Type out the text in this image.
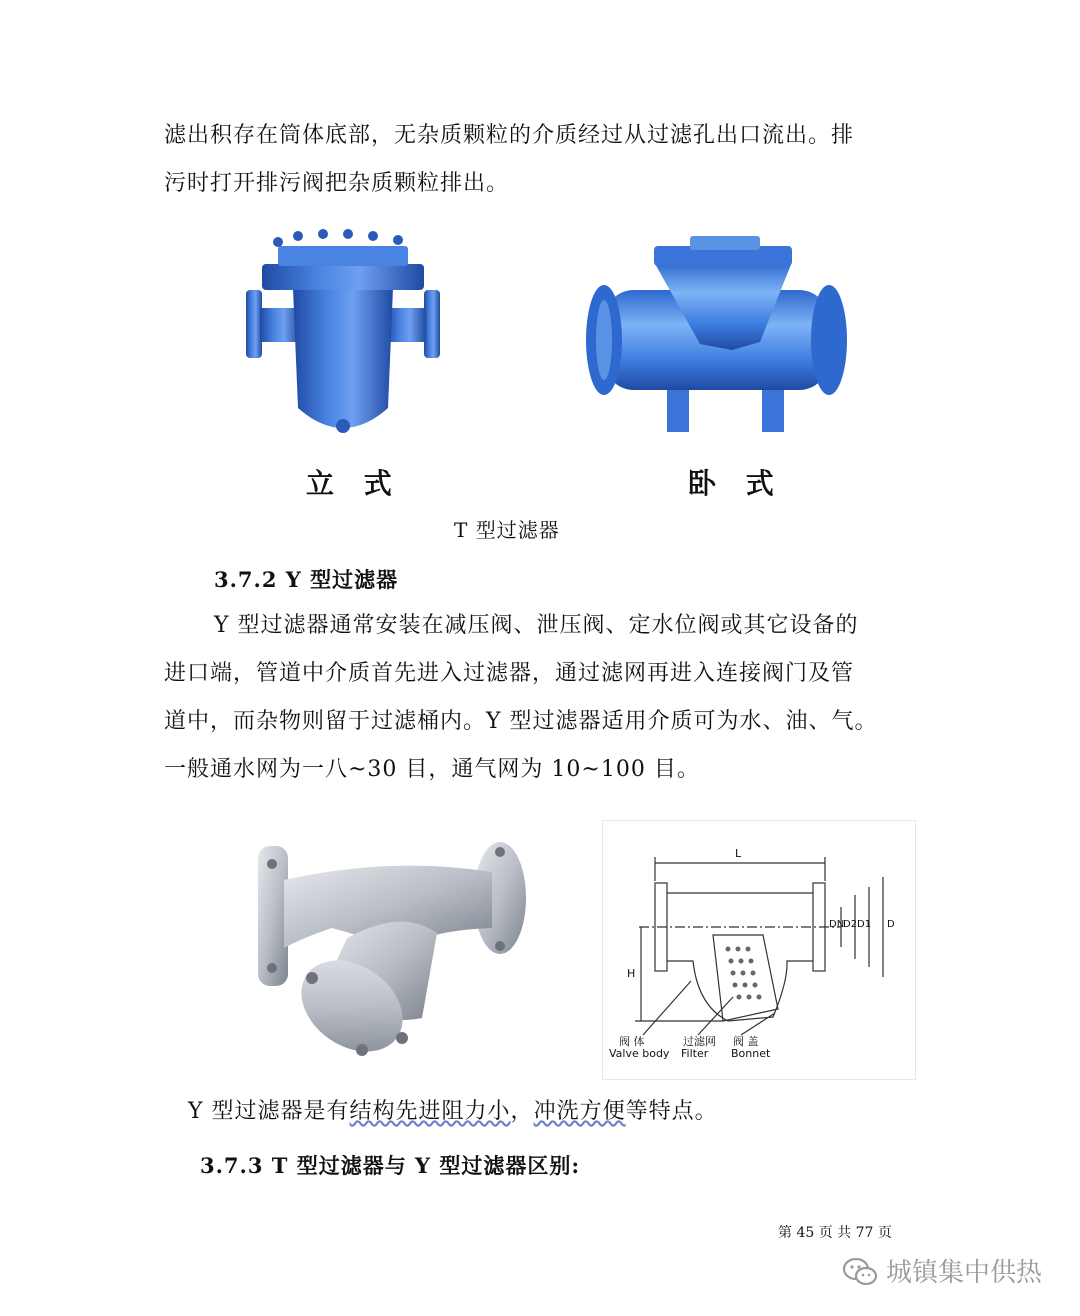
滤出积存在筒体底部，无杂质颗粒的介质经过从过滤孔出口流出。排
污时打开排污阀把杂质颗粒排出。
立 式	卧 式
T 型过滤器
3.7.2 Y 型过滤器
Y 型过滤器通常安装在减压阀、泄压阀、定水位阀或其它设备的
进口端，管道中介质首先进入过滤器，通过滤网再进入连接阀门及管
道中，而杂物则留于过滤桶内。Y 型过滤器适用介质可为水、油、气。
一般通水网为一八~30 目，通气网为 10~100 目。
L
H
DN
D2 D1 D
阀 体	过滤网 阀 盖
Valve body Filter Bonnet
Y 型过滤器是有结构先进阻力小，冲洗方便等特点。
3.7.3 T 型过滤器与 Y 型过滤器区别:
第 45 页 共 77 页
城镇集中供热
